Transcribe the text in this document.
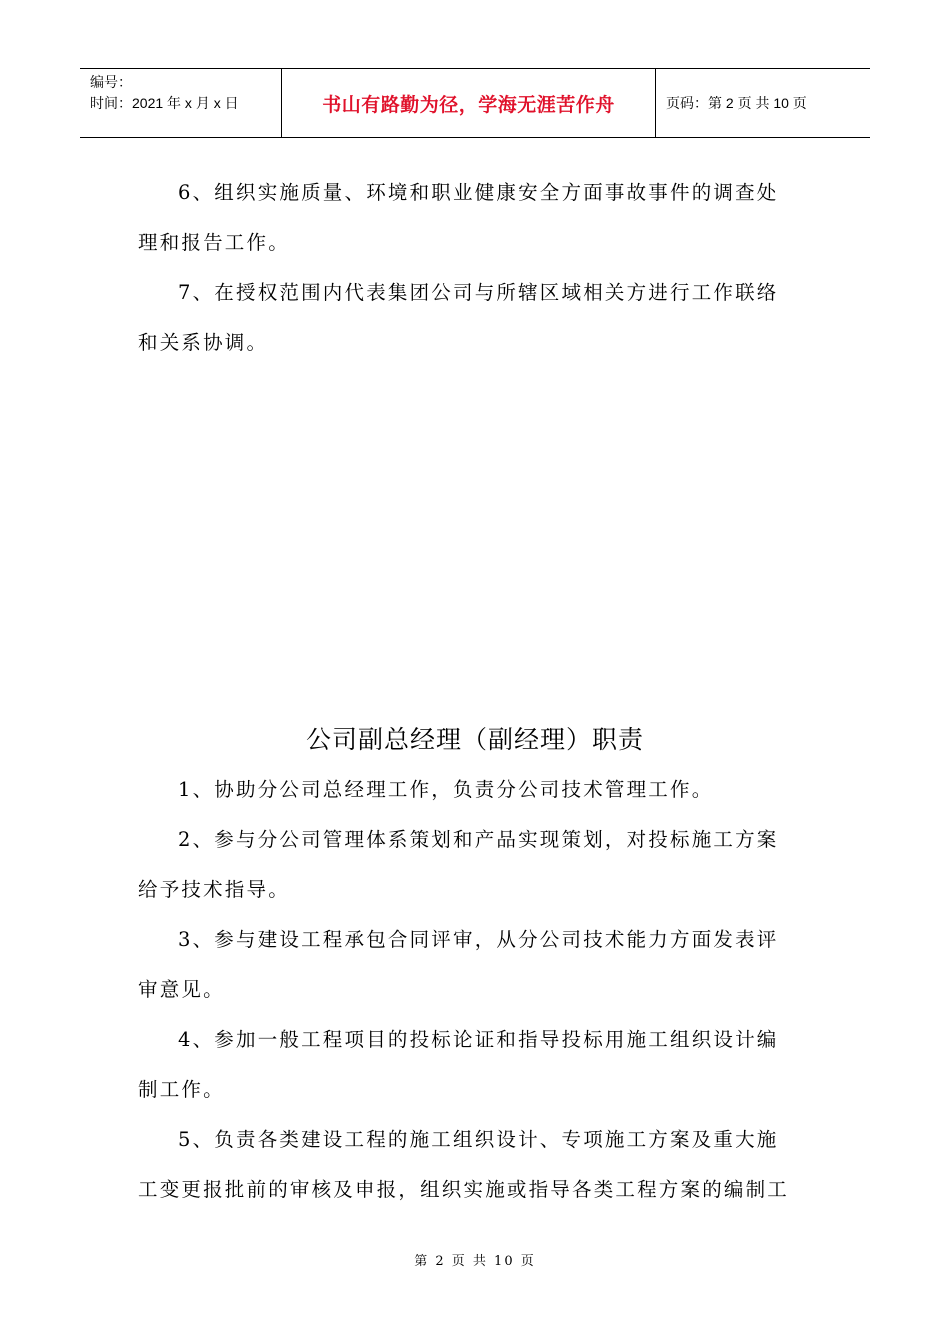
编号：
时间：2021 年 x 月 x 日	书山有路勤为径，学海无涯苦作舟	页码：第 2 页 共 10 页
6、组织实施质量、环境和职业健康安全方面事故事件的调查处
理和报告工作。
7、在授权范围内代表集团公司与所辖区域相关方进行工作联络
和关系协调。
公司副总经理（副经理）职责
1、协助分公司总经理工作，负责分公司技术管理工作。
2、参与分公司管理体系策划和产品实现策划，对投标施工方案
给予技术指导。
3、参与建设工程承包合同评审，从分公司技术能力方面发表评
审意见。
4、参加一般工程项目的投标论证和指导投标用施工组织设计编
制工作。
5、负责各类建设工程的施工组织设计、专项施工方案及重大施
工变更报批前的审核及申报，组织实施或指导各类工程方案的编制工
第 2 页 共 10 页
